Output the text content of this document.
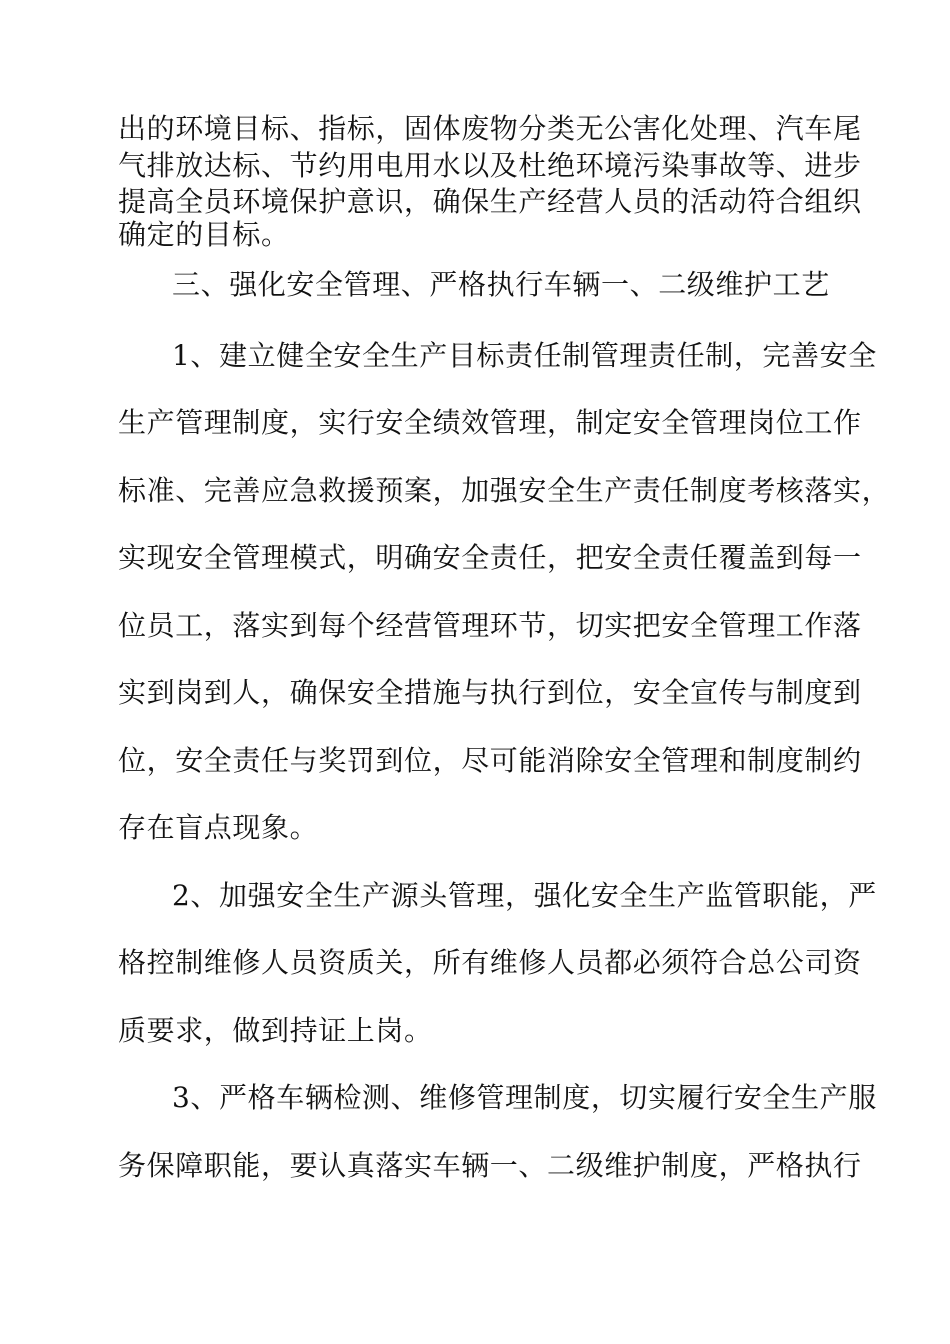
出的环境目标、指标，固体废物分类无公害化处理、汽车尾
气排放达标、节约用电用水以及杜绝环境污染事故等、进步
提高全员环境保护意识，确保生产经营人员的活动符合组织
确定的目标。
三、强化安全管理、严格执行车辆一、二级维护工艺
1、建立健全安全生产目标责任制管理责任制，完善安全
生产管理制度，实行安全绩效管理，制定安全管理岗位工作
标准、完善应急救援预案，加强安全生产责任制度考核落实，
实现安全管理模式，明确安全责任，把安全责任覆盖到每一
位员工，落实到每个经营管理环节，切实把安全管理工作落
实到岗到人，确保安全措施与执行到位，安全宣传与制度到
位，安全责任与奖罚到位，尽可能消除安全管理和制度制约
存在盲点现象。
2、加强安全生产源头管理，强化安全生产监管职能，严
格控制维修人员资质关，所有维修人员都必须符合总公司资
质要求，做到持证上岗。
3、严格车辆检测、维修管理制度，切实履行安全生产服
务保障职能，要认真落实车辆一、二级维护制度，严格执行
